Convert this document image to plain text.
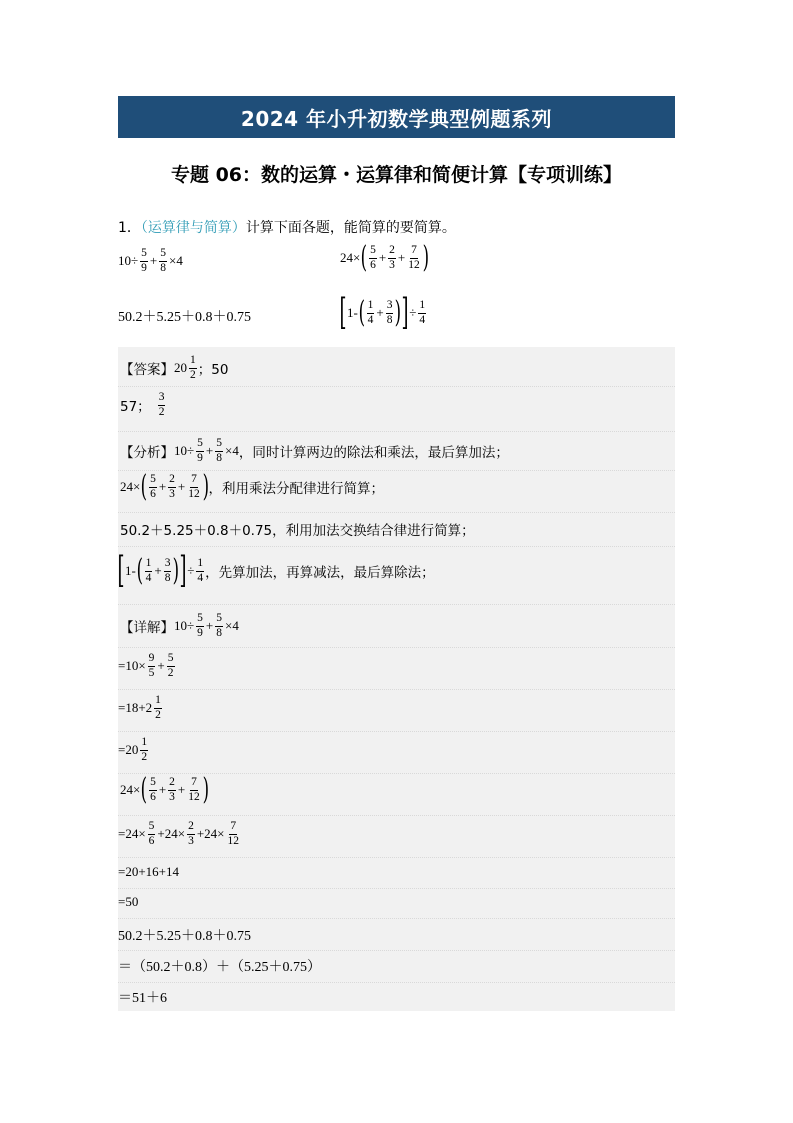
2024 年小升初数学典型例题系列
专题 06：数的运算・运算律和简便计算【专项训练】
1．（运算律与简算）计算下面各题，能简算的要简算。
$10\div \frac{5}{9} + \frac{5}{8} \times 4$	24× ( 5
$6 + \frac{2}{3} + \frac{7}{12}$ )
50.2＋5.25＋0.8＋0.75 [ 1- ( 1
$4 + \frac{3}{8}$ ) ] ÷ $\frac{1}{4}$
【答案】 20 1
2 ；50
57；
3
2
【分析】 $10\div \frac{5}{9} + \frac{5}{8} \times 4$ ，同时计算两边的除法和乘法，最后算加法；
24× ( 5
$6 + \frac{2}{3} + \frac{7}{12}$ ) ，利用乘法分配律进行简算；
50.2＋5.25＋0.8＋0.75，利用加法交换结合律进行简算；
[ 1- ( 1
$4 + \frac{3}{8}$ ) ] ÷ $\frac{1}{4}$ ，先算加法，再算减法，最后算除法；
【详解】 $10\div \frac{5}{9} + \frac{5}{8} \times 4$
$=10\times \frac{9}{5} + \frac{5}{2}$
=18+2 1
2
=20 1
2
24× ( 5
$6 + \frac{2}{3} + \frac{7}{12}$ )
$=24\times \frac{5}{6} +24\times \frac{2}{3} +24\times \frac{7}{12}$
=20+16+14
=50
50.2＋5.25＋0.8＋0.75
＝（50.2＋0.8）＋（5.25＋0.75）
＝51＋6
